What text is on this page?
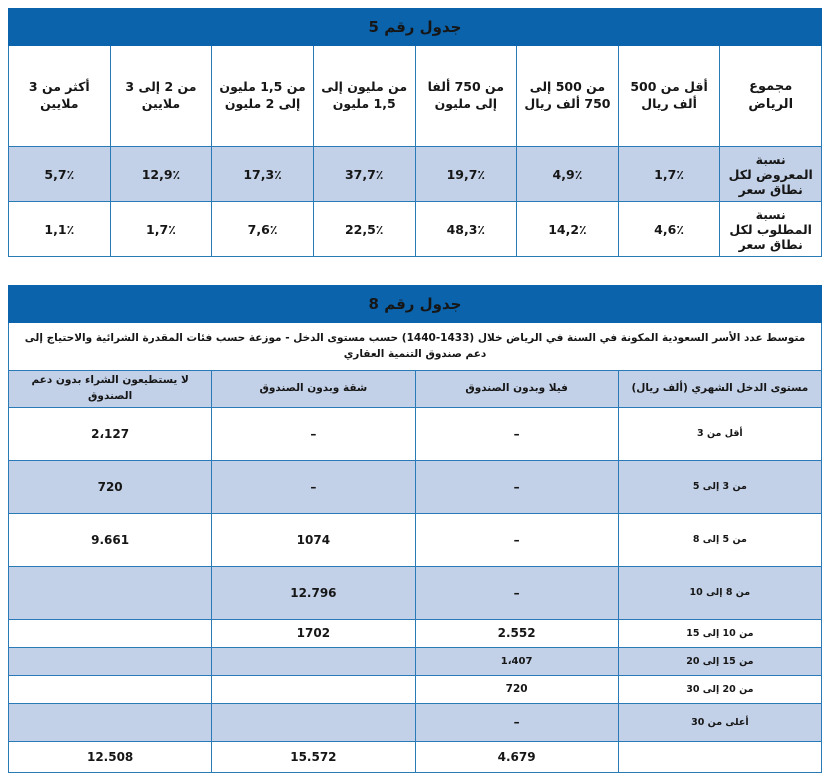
جدول رقم 5							
مجموع الرياض	أقل من 500 ألف ريال	من 500 إلى 750 ألف ريال	من 750 ألفا إلى مليون	من مليون إلى 1,5 مليون	من 1,5 مليون إلى 2 مليون	من 2 إلى 3 ملايين	أكثر من 3 ملايين
نسبة المعروض لكل نطاق سعر	1,7٪	4,9٪	19,7٪	37,7٪	17,3٪	12,9٪	5,7٪
نسبة المطلوب لكل نطاق سعر	4,6٪	14,2٪	48,3٪	22,5٪	7,6٪	1,7٪	1,1٪
جدول رقم 8			
متوسط عدد الأسر السعودية المكونة في السنة في الرياض خلال (1433-1440) حسب مستوى الدخل - موزعة حسب فئات المقدرة الشرائية والاحتياج إلى دعم صندوق التنمية العقاري			
مستوى الدخل الشهري (ألف ريال)	فيلا وبدون الصندوق	شقة وبدون الصندوق	لا يستطيعون الشراء بدون دعم الصندوق
أقل من 3	–	–	2،127
من 3 إلى 5	–	–	720
من 5 إلى 8	–	1074	9.661
من 8 إلى 10	–	12.796	
من 10 إلى 15	2.552	1702	
من 15 إلى 20	1،407		
من 20 إلى 30	720		
أعلى من 30	–		
	4.679	15.572	12.508
